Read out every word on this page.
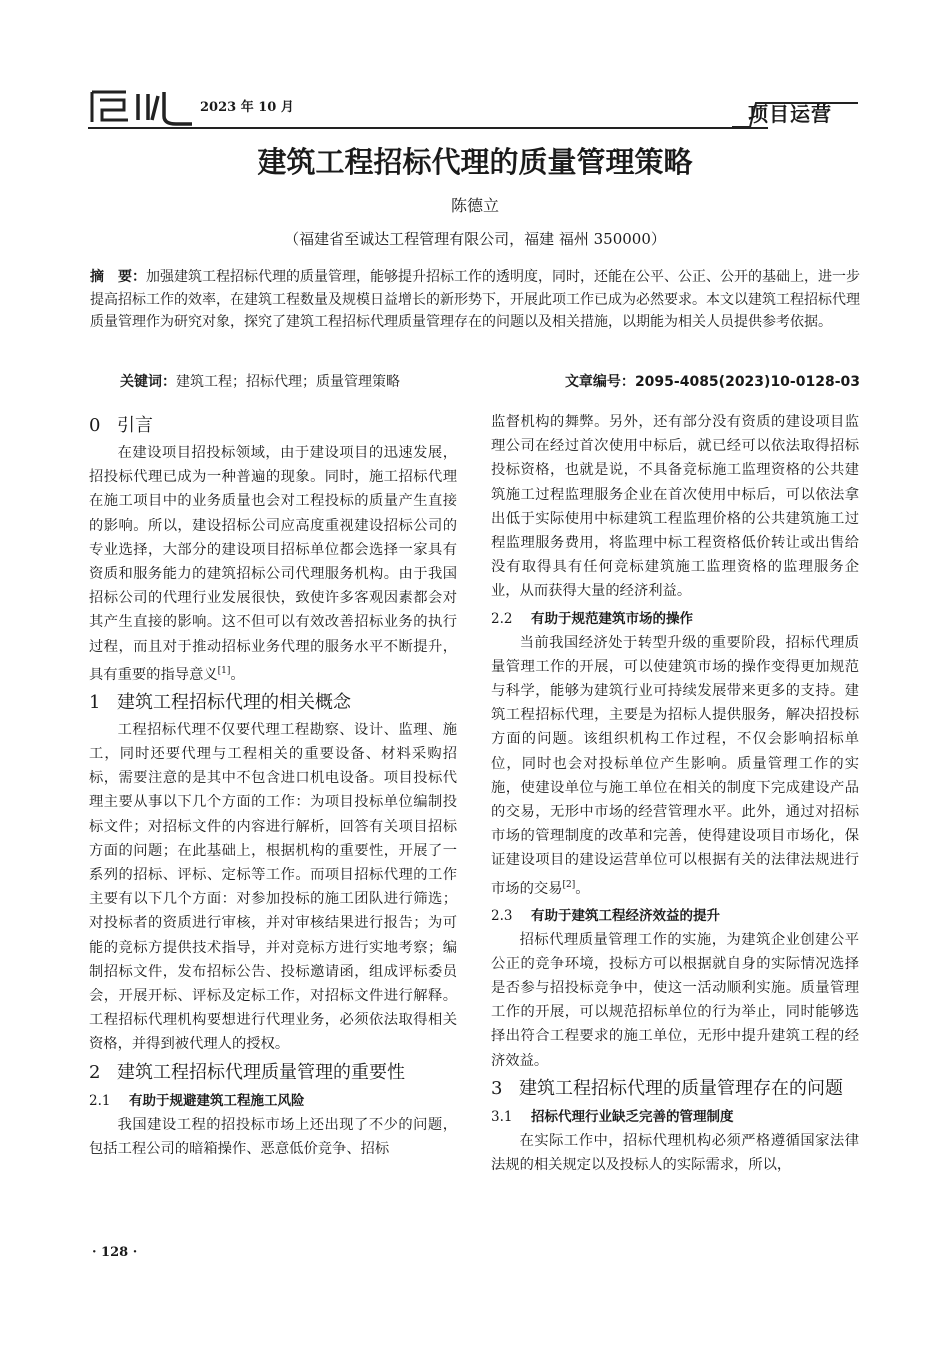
2023 年 10 月	项目运营
建筑工程招标代理的质量管理策略
陈德立
（福建省至诚达工程管理有限公司，福建 福州 350000）
摘　要：加强建筑工程招标代理的质量管理，能够提升招标工作的透明度，同时，还能在公平、公正、公开的基础上，进一步提高招标工作的效率，在建筑工程数量及规模日益增长的新形势下，开展此项工作已成为必然要求。本文以建筑工程招标代理质量管理作为研究对象，探究了建筑工程招标代理质量管理存在的问题以及相关措施，以期能为相关人员提供参考依据。
关键词：建筑工程；招标代理；质量管理策略	文章编号：2095-4085(2023)10-0128-03
0 引言

在建设项目招投标领域，由于建设项目的迅速发展，招投标代理已成为一种普遍的现象。同时，施工招标代理在施工项目中的业务质量也会对工程投标的质量产生直接的影响。所以，建设招标公司应高度重视建设招标公司的专业选择，大部分的建设项目招标单位都会选择一家具有资质和服务能力的建筑招标公司代理服务机构。由于我国招标公司的代理行业发展很快，致使许多客观因素都会对其产生直接的影响。这不但可以有效改善招标业务的执行过程，而且对于推动招标业务代理的服务水平不断提升，具有重要的指导意义[1]。

1 建筑工程招标代理的相关概念

工程招标代理不仅要代理工程勘察、设计、监理、施工，同时还要代理与工程相关的重要设备、材料采购招标，需要注意的是其中不包含进口机电设备。项目投标代理主要从事以下几个方面的工作：为项目投标单位编制投标文件；对招标文件的内容进行解析，回答有关项目招标方面的问题；在此基础上，根据机构的重要性，开展了一系列的招标、评标、定标等工作。而项目招标代理的工作主要有以下几个方面：对参加投标的施工团队进行筛选；对投标者的资质进行审核，并对审核结果进行报告；为可能的竞标方提供技术指导，并对竞标方进行实地考察；编制招标文件，发布招标公告、投标邀请函，组成评标委员会，开展开标、评标及定标工作，对招标文件进行解释。工程招标代理机构要想进行代理业务，必须依法取得相关资格，并得到被代理人的授权。

2 建筑工程招标代理质量管理的重要性
2.1 有助于规避建筑工程施工风险

我国建设工程的招投标市场上还出现了不少的问题，包括工程公司的暗箱操作、恶意低价竞争、招标

监督机构的舞弊。另外，还有部分没有资质的建设项目监理公司在经过首次使用中标后，就已经可以依法取得招标投标资格，也就是说，不具备竞标施工监理资格的公共建筑施工过程监理服务企业在首次使用中标后，可以依法拿出低于实际使用中标建筑工程监理价格的公共建筑施工过程监理服务费用，将监理中标工程资格低价转让或出售给没有取得具有任何竞标建筑施工监理资格的监理服务企业，从而获得大量的经济利益。

2.2 有助于规范建筑市场的操作

当前我国经济处于转型升级的重要阶段，招标代理质量管理工作的开展，可以使建筑市场的操作变得更加规范与科学，能够为建筑行业可持续发展带来更多的支持。建筑工程招标代理，主要是为招标人提供服务，解决招投标方面的问题。该组织机构工作过程，不仅会影响招标单位，同时也会对投标单位产生影响。质量管理工作的实施，使建设单位与施工单位在相关的制度下完成建设产品的交易，无形中市场的经营管理水平。此外，通过对招标市场的管理制度的改革和完善，使得建设项目市场化，保证建设项目的建设运营单位可以根据有关的法律法规进行市场的交易[2]。

2.3 有助于建筑工程经济效益的提升

招标代理质量管理工作的实施，为建筑企业创建公平公正的竞争环境，投标方可以根据就自身的实际情况选择是否参与招投标竞争中，使这一活动顺利实施。质量管理工作的开展，可以规范招标单位的行为举止，同时能够选择出符合工程要求的施工单位，无形中提升建筑工程的经济效益。

3 建筑工程招标代理的质量管理存在的问题
3.1 招标代理行业缺乏完善的管理制度

在实际工作中，招标代理机构必须严格遵循国家法律法规的相关规定以及投标人的实际需求，所以，

· 128 ·
